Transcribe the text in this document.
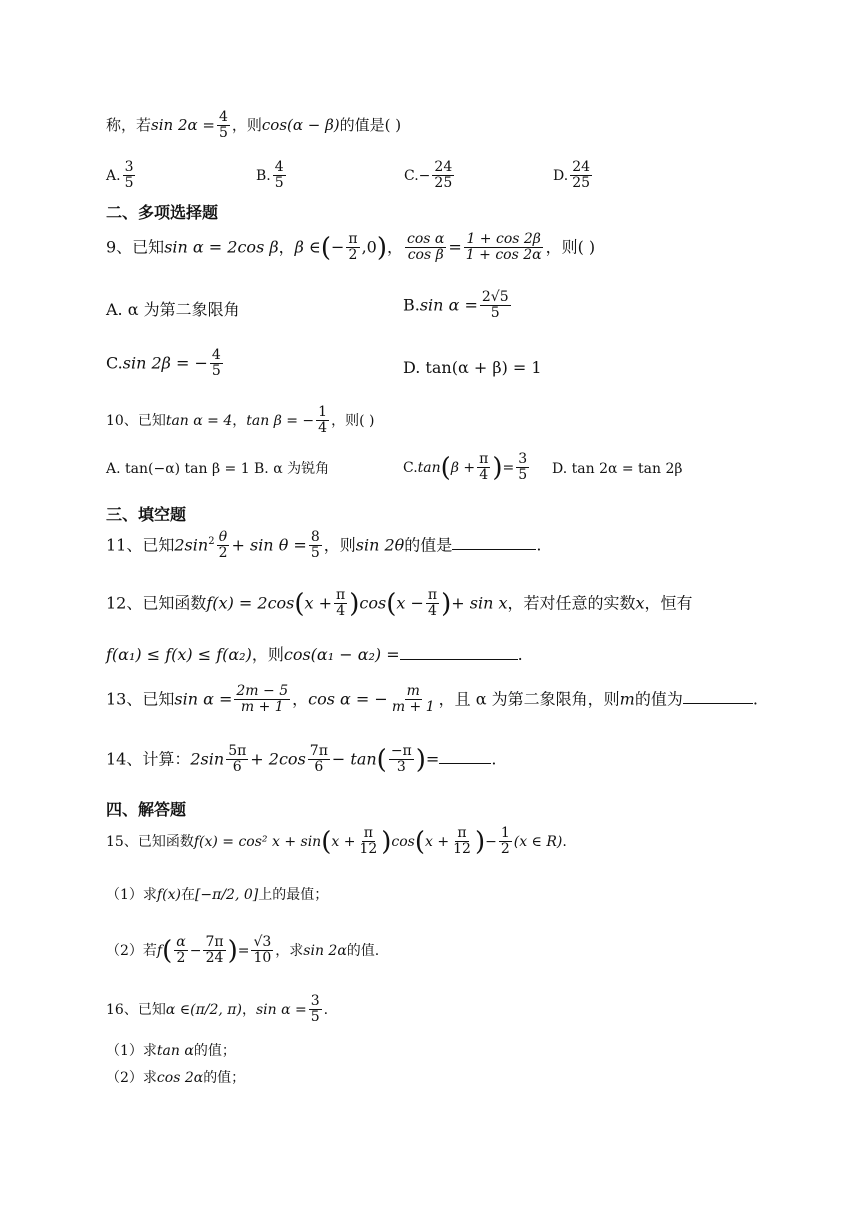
称，若$\sin 2\alpha = \frac{4}{5}$ ，则cos(α − β)的值是( )
A. $\frac{3}{5}$	B. $\frac{4}{5}$	$C.- \frac{24}{25}$	D. $\frac{24}{25}$
二、多项选择题
9、已知sin α = 2cos β，β ∈(− $\frac{\pi}{2} ,0$)， $\frac{\text{cos α}}{\text{cos β}} = \frac{1 + \cos 2\beta}{1 + \cos 2\alpha}$ ，则( )
A. α 为第二象限角	B.sin $\alpha = \frac{2√5}{5}$
C.sin 2β = − $\frac{4}{5}$	D. tan(α + β) = 1
10、已知tan α = 4，tan β = − $\frac{1}{4}$ ，则( )
A. tan(−α) tan β = 1 B. α 为锐角	$C.\tan(\beta + \frac{\pi}{4}$ )= $\frac{3}{5} D$. tan 2α = tan 2β
三、填空题
11、已知$2\sin^2 \frac{\theta}{2} + \sin \theta = \frac{8}{5}$ ，则sin 2θ的值是	.
12、已知函数$f(x) = 2\cos(x + \frac{\pi}{4} )\cos(x - \frac{\pi}{4}$ )+ sin x，若对任意的实数x，恒有
f(α₁) ≤ f(x) ≤ f(α₂)，则cos(α₁ − α₂) =	.
13、已知$\sin \alpha = \frac{2m - 5}{m + 1}$ ，cos α = − $\frac{m}{m + 1}$ ，且 α 为第二象限角，则m的值为	.
14、计算：$2\sin \frac{5\pi}{6} + 2\cos \frac{7\pi}{6} - \tan( \frac{-\pi}{3}$ )=	.
四、解答题
15、已知函数f(x) = cos² $x + \sin(x + \frac{\pi}{12} )\cos(x + \frac{\pi}{12}$ )− $\frac{1}{2} (x$ ∈ R).
（1）求f(x)在[−π/2, 0]上的最值；
（2）若$f( \frac{\alpha}{2} - \frac{7\pi}{24}$ )= $\frac{√3}{10}$ ，求sin 2α的值.
16、已知α ∈(π/2, π)，$\sin \alpha = \frac{3}{5}$ .
（1）求tan α的值；
（2）求cos 2α的值；
